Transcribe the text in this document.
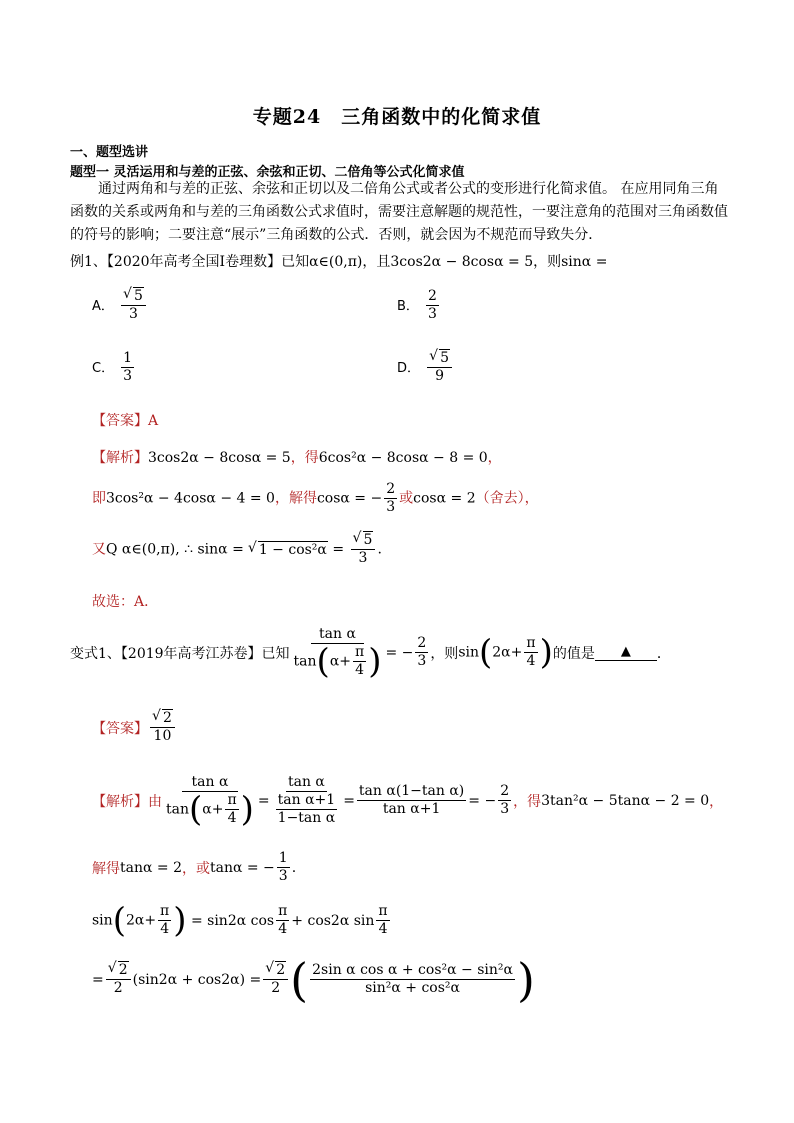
专题24　三角函数中的化简求值
一、题型选讲
题型一 灵活运用和与差的正弦、余弦和正切、二倍角等公式化简求值
通过两角和与差的正弦、余弦和正切以及二倍角公式或者公式的变形进行化简求值。 在应用同角三角函数的关系或两角和与差的三角函数公式求值时，需要注意解题的规范性，一要注意角的范围对三角函数值的符号的影响；二要注意“展示”三角函数的公式．否则，就会因为不规范而导致失分．
例1、【2020年高考全国Ⅰ卷理数】已知α∈(0,π)，且3cos2α − 8cosα = 5，则sinα =
A． √ $\frac{5}{3}$	B． $\frac{2}{3}$
C． $\frac{1}{3}$	D． √ $\frac{5}{9}$
【答案】A
【解析】3cos2α − 8cosα = 5，得6cos²α − 8cosα − 8 = 0，
即3cos²α − 4cosα − 4 = 0，解得cosα = − $\frac{2}{3}$ 或cosα = 2（舍去），
又Q α∈(0,π), ∴ sinα = √ 1 − cos²α = √ $\frac{5}{3}$ .
故选：A．
变式1、【2019年高考江苏卷】已知 $\frac{\text{tan α}}{\tan(\alpha+ \frac{\pi}{4} )}$ = − $\frac{2}{3}$ ，则 $\sin(2\alpha+ \frac{\pi}{4}$ ) 的值是	▲	．
【答案】 √ $\frac{2}{10}$
【解析】 由 $\frac{\text{tan α}}{\tan(\alpha+ \frac{\pi}{4} )} = \frac{\text{tan α}}{\frac{\text{tan α+1}}{\text{1−tan α}}} = \frac{\text{tan α(1−tan α)}}{\text{tan α+1}}$ = − $\frac{2}{3}$ ，得 3tan²α − 5tanα − 2 = 0 ，
解得 tanα = 2 ，或 tanα = − $\frac{1}{3}$ .
$\sin(2\alpha+ \frac{\pi}{4}$ ) = sin2α $\cos \frac{\pi}{4} + \cos 2\alpha$ $\sin \frac{\pi}{4}$
= √ $\frac{2}{2} (\sin 2\alpha + \cos 2\alpha)$ = √ $\frac{2}{2}$ ( $\frac{\text{2sin α cos α + cos²α − sin²α}}{\text{sin²α + cos²α}}$ )
